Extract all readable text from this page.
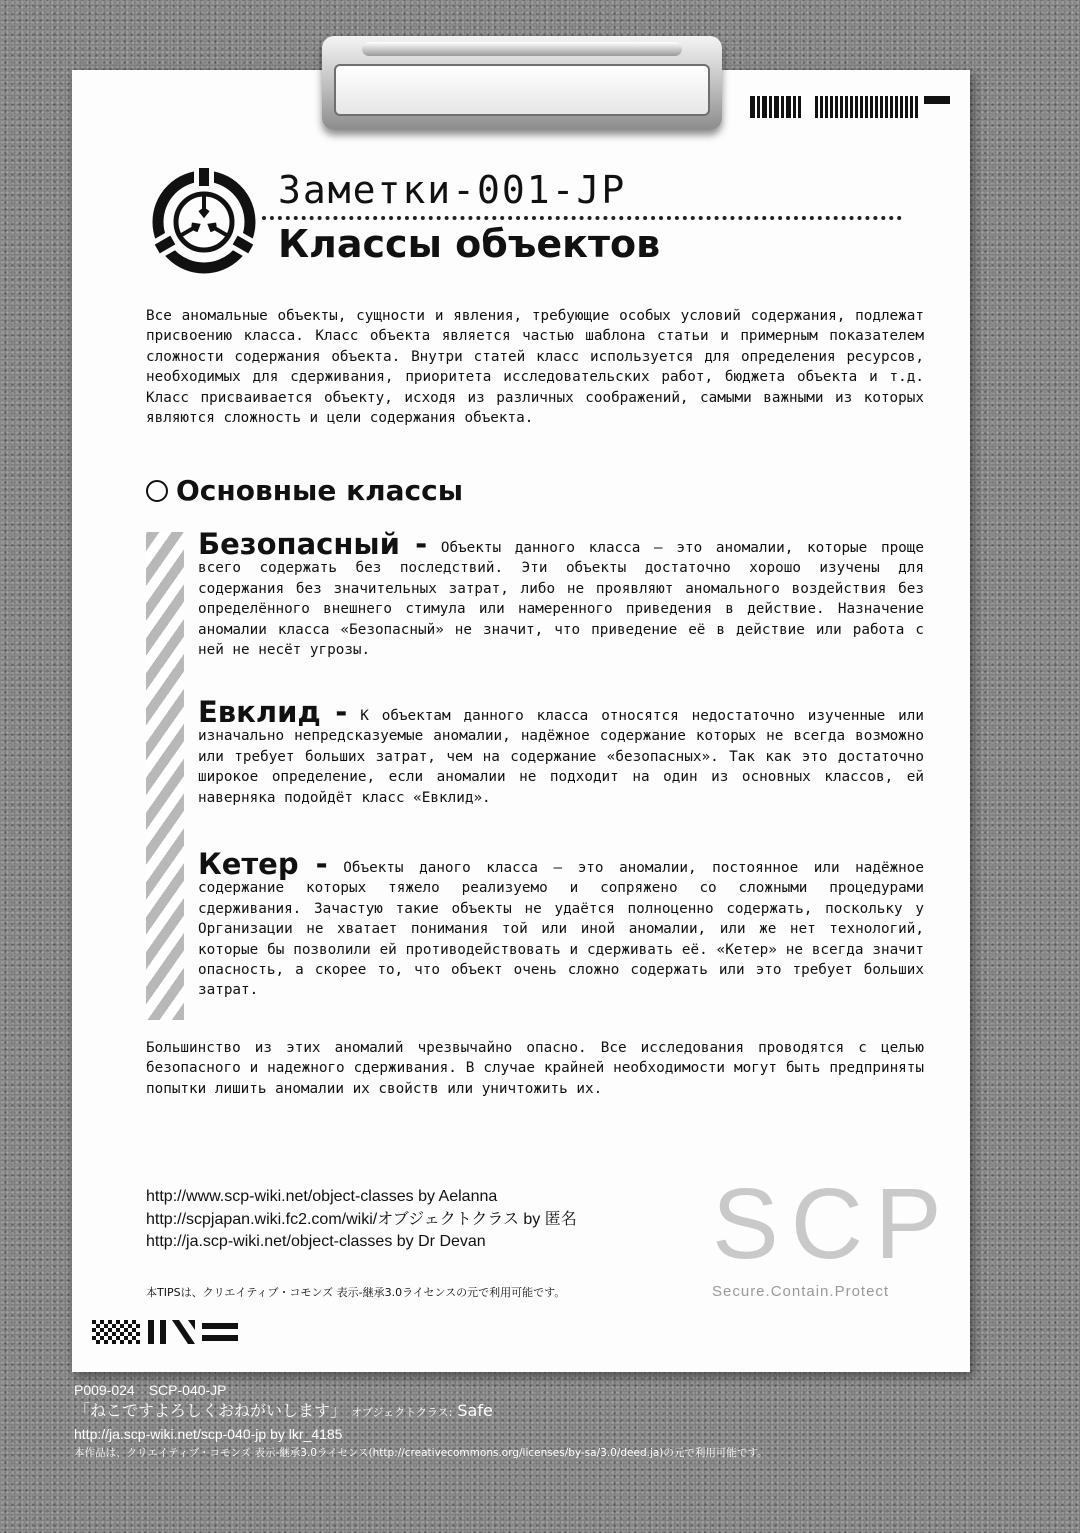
Заметки-001-JP
Классы объектов

Все аномальные объекты, сущности и явления, требующие особых условий содержания, подлежат присвоению класса. Класс объекта является частью шаблона статьи и примерным показателем сложности содержания объекта. Внутри статей класс используется для определения ресурсов, необходимых для сдерживания, приоритета исследовательских работ, бюджета объекта и т.д. Класс присваивается объекту, исходя из различных соображений, самыми важными из которых являются сложность и цели содержания объекта.

Основные классы

Безопасный - Объекты данного класса — это аномалии, которые проще всего содержать без последствий. Эти объекты достаточно хорошо изучены для содержания без значительных затрат, либо не проявляют аномального воздействия без определённого внешнего стимула или намеренного приведения в действие. Назначение аномалии класса «Безопасный» не значит, что приведение её в действие или работа с ней не несёт угрозы.

Евклид - К объектам данного класса относятся недостаточно изученные или изначально непредсказуемые аномалии, надёжное содержание которых не всегда возможно или требует больших затрат, чем на содержание «безопасных». Так как это достаточно широкое определение, если аномалии не подходит на один из основных классов, ей наверняка подойдёт класс «Евклид».

Кетер - Объекты даного класса — это аномалии, постоянное или надёжное содержание которых тяжело реализуемо и сопряжено со сложными процедурами сдерживания. Зачастую такие объекты не удаётся полноценно содержать, поскольку у Организации не хватает понимания той или иной аномалии, или же нет технологий, которые бы позволили ей противодействовать и сдерживать её. «Кетер» не всегда значит опасность, а скорее то, что объект очень сложно содержать или это требует больших затрат.

Большинство из этих аномалий чрезвычайно опасно. Все исследования проводятся с целью безопасного и надежного сдерживания. В случае крайней необходимости могут быть предприняты попытки лишить аномалии их свойств или уничтожить их.

http://www.scp-wiki.net/object-classes by Aelanna
http://scpjapan.wiki.fc2.com/wiki/オブジェクトクラス by 匿名
http://ja.scp-wiki.net/object-classes by Dr Devan
本TIPSは、クリエイティブ・コモンズ 表示-継承3.0ライセンスの元で利用可能です。
SCP
Secure.Contain.Protect
P009-024　SCP-040-JP
「ねこですよろしくおねがいします」 オブジェクトクラス: Safe
http://ja.scp-wiki.net/scp-040-jp by lkr_4185
本作品は、クリエイティブ・コモンズ 表示-継承3.0ライセンス(http://creativecommons.org/licenses/by-sa/3.0/deed.ja)の元で利用可能です。
